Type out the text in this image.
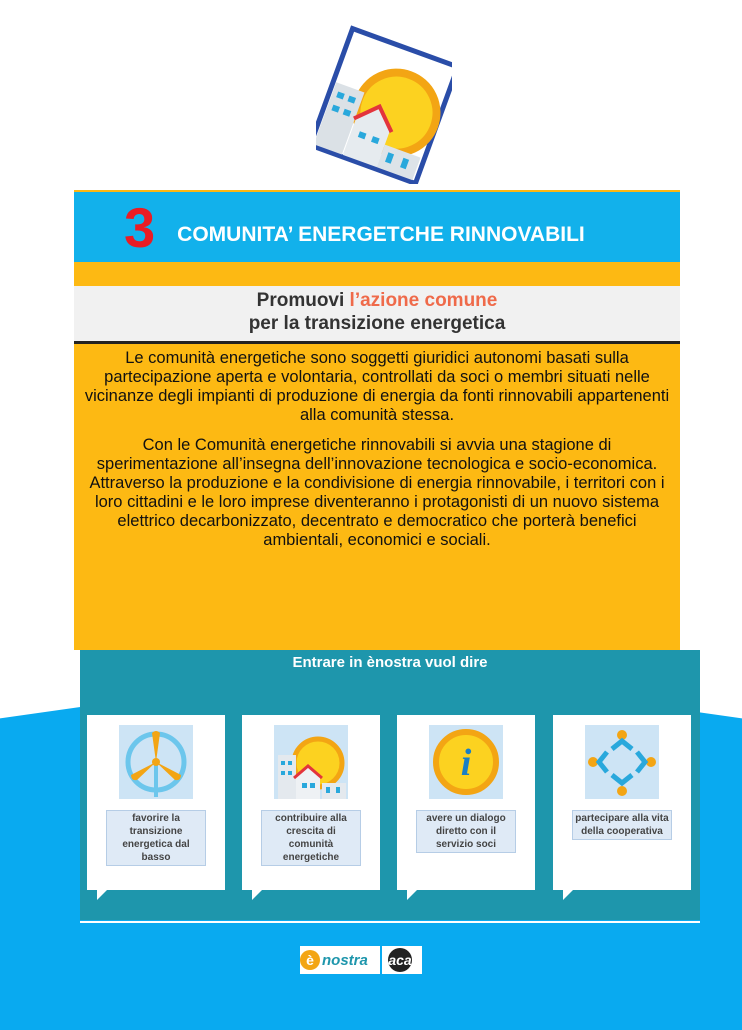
3 COMUNITA’ ENERGETCHE RINNOVABILI
Promuovi l’azione comune
per la transizione energetica

Le comunità energetiche sono soggetti giuridici autonomi basati sulla partecipazione aperta e volontaria, controllati da soci o membri situati nelle vicinanze degli impianti di produzione di energia da fonti rinnovabili appartenenti alla comunità stessa.

Con le Comunità energetiche rinnovabili si avvia una stagione di sperimentazione all’insegna dell’innovazione tecnologica e socio-economica. Attraverso la produzione e la condivisione di energia rinnovabile, i territori con i loro cittadini e le loro imprese diventeranno i protagonisti di un nuovo sistema elettrico decarbonizzato, decentrato e democratico che porterà benefici ambientali, economici e sociali.

Entrare in ènostra vuol dire
favorire la transizione energetica dal basso
contribuire alla crescita di comunità energetiche
i
avere un dialogo diretto con il servizio soci
partecipare alla vita della cooperativa
è nostra aca
